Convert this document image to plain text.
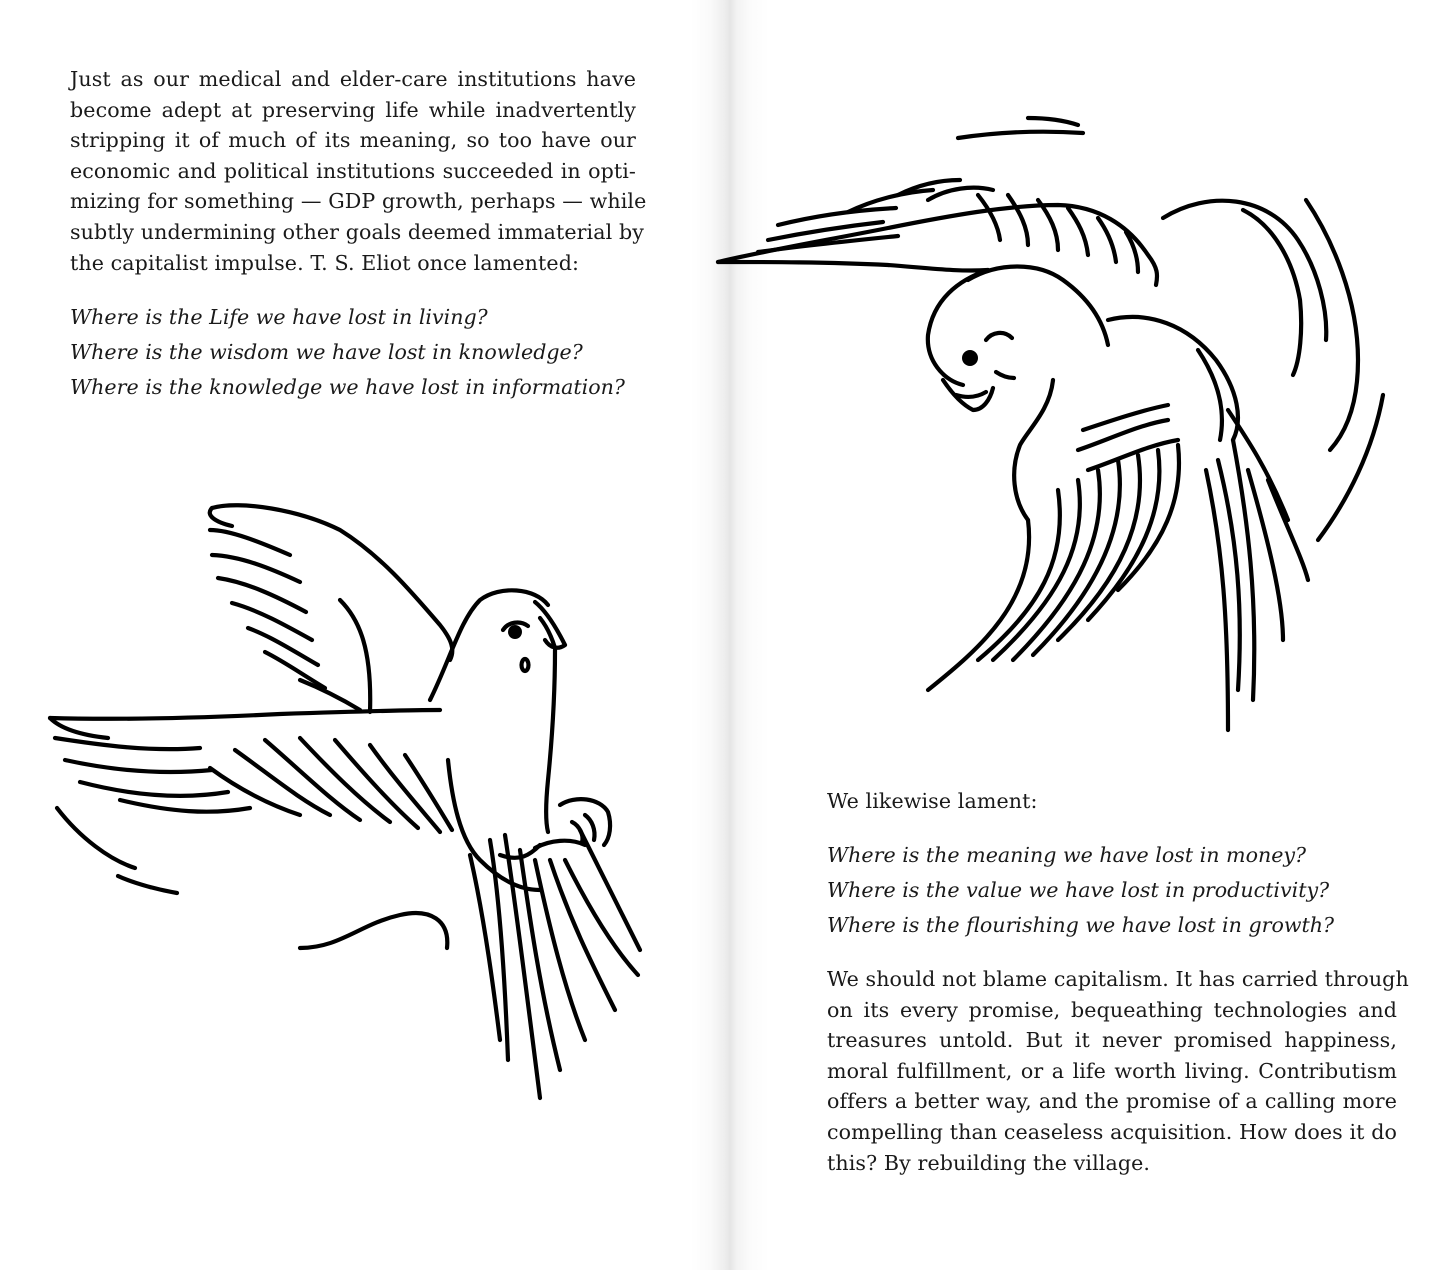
Just as our medical and elder-care institutions have
become adept at preserving life while inadvertently
stripping it of much of its meaning, so too have our
economic and political institutions succeeded in opti-
mizing for something — GDP growth, perhaps — while
subtly undermining other goals deemed immaterial by
the capitalist impulse. T. S. Eliot once lamented:
Where is the Life we have lost in living?
Where is the wisdom we have lost in knowledge?
Where is the knowledge we have lost in information?
We likewise lament:
Where is the meaning we have lost in money?
Where is the value we have lost in productivity?
Where is the flourishing we have lost in growth?
We should not blame capitalism. It has carried through
on its every promise, bequeathing technologies and
treasures untold. But it never promised happiness,
moral fulfillment, or a life worth living. Contributism
offers a better way, and the promise of a calling more
compelling than ceaseless acquisition. How does it do
this? By rebuilding the village.
